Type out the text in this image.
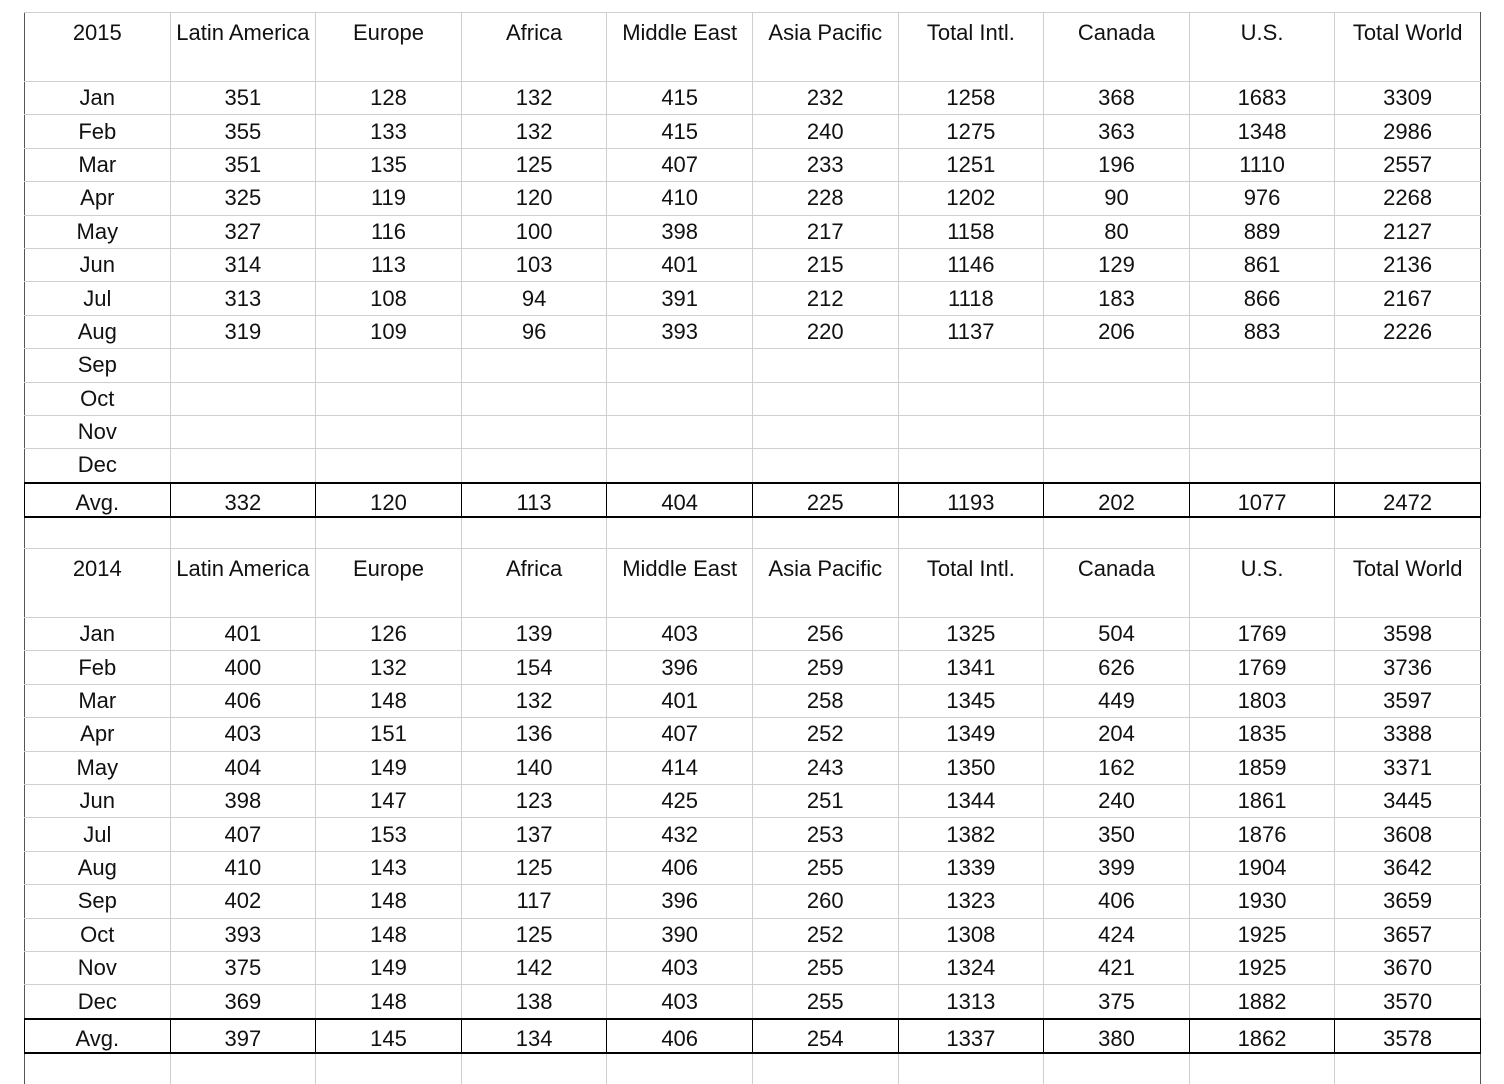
2015	Latin America	Europe	Africa	Middle East	Asia Pacific	Total Intl.	Canada	U.S.	Total World
Jan	351	128	132	415	232	1258	368	1683	3309
Feb	355	133	132	415	240	1275	363	1348	2986
Mar	351	135	125	407	233	1251	196	1110	2557
Apr	325	119	120	410	228	1202	90	976	2268
May	327	116	100	398	217	1158	80	889	2127
Jun	314	113	103	401	215	1146	129	861	2136
Jul	313	108	94	391	212	1118	183	866	2167
Aug	319	109	96	393	220	1137	206	883	2226
Sep									
Oct									
Nov									
Dec									
Avg.	332	120	113	404	225	1193	202	1077	2472

2014	Latin America	Europe	Africa	Middle East	Asia Pacific	Total Intl.	Canada	U.S.	Total World
Jan	401	126	139	403	256	1325	504	1769	3598
Feb	400	132	154	396	259	1341	626	1769	3736
Mar	406	148	132	401	258	1345	449	1803	3597
Apr	403	151	136	407	252	1349	204	1835	3388
May	404	149	140	414	243	1350	162	1859	3371
Jun	398	147	123	425	251	1344	240	1861	3445
Jul	407	153	137	432	253	1382	350	1876	3608
Aug	410	143	125	406	255	1339	399	1904	3642
Sep	402	148	117	396	260	1323	406	1930	3659
Oct	393	148	125	390	252	1308	424	1925	3657
Nov	375	149	142	403	255	1324	421	1925	3670
Dec	369	148	138	403	255	1313	375	1882	3570
Avg.	397	145	134	406	254	1337	380	1862	3578
